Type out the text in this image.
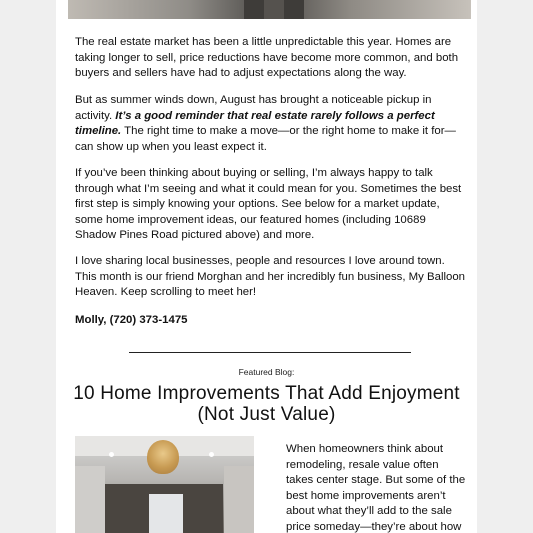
The real estate market has been a little unpredictable this year. Homes are taking longer to sell, price reductions have become more common, and both buyers and sellers have had to adjust expectations along the way.

But as summer winds down, August has brought a noticeable pickup in activity. It’s a good reminder that real estate rarely follows a perfect timeline. The right time to make a move—or the right home to make it for—can show up when you least expect it.

If you’ve been thinking about buying or selling, I’m always happy to talk through what I’m seeing and what it could mean for you. Sometimes the best first step is simply knowing your options. See below for a market update, some home improvement ideas, our featured homes (including 10689 Shadow Pines Road pictured above) and more.

I love sharing local businesses, people and resources I love around town. This month is our friend Morghan and her incredibly fun business, My Balloon Heaven. Keep scrolling to meet her!

Molly, (720) 373-1475

Featured Blog:
10 Home Improvements That Add Enjoyment
(Not Just Value)

When homeowners think about remodeling, resale value often takes center stage. But some of the best home improvements aren’t about what they’ll add to the sale price someday—they’re about how
